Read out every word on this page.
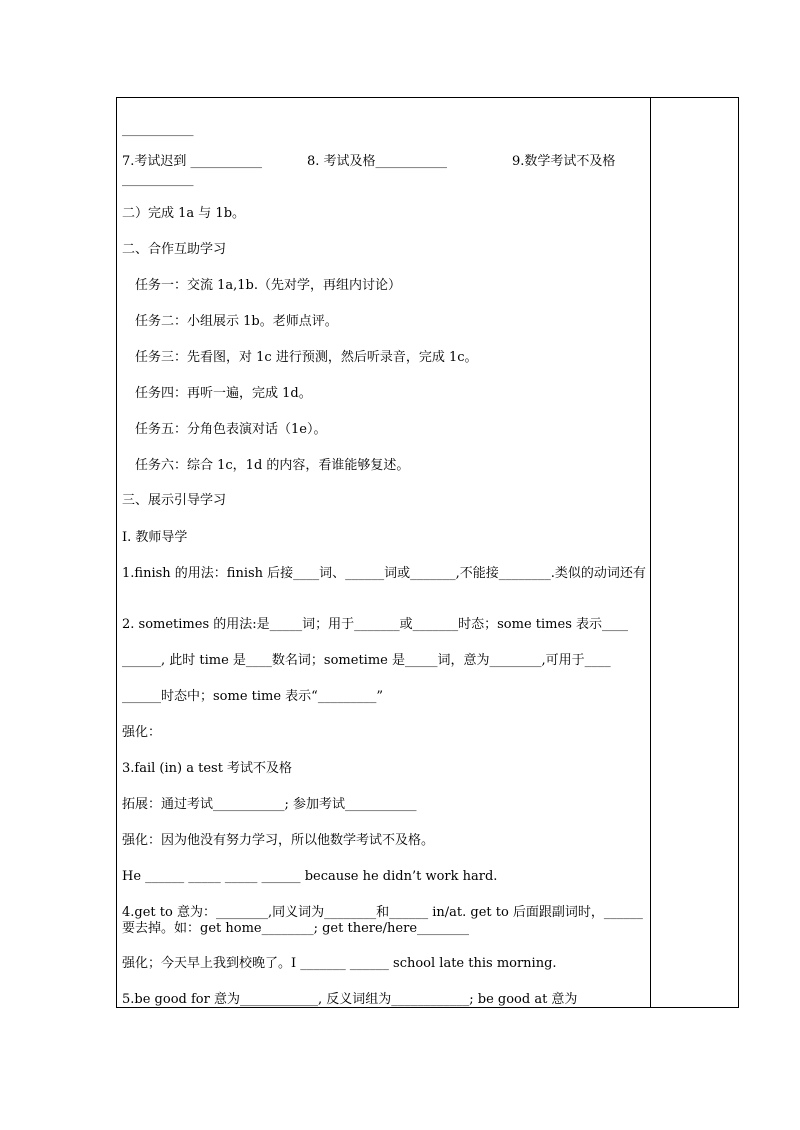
___________
7.考试迟到 ___________	8. 考试及格___________	9.数学考试不及格
___________
二）完成 1a 与 1b。
二、合作互助学习
任务一：交流 1a,1b.（先对学，再组内讨论）
任务二：小组展示 1b。老师点评。
任务三：先看图，对 1c 进行预测，然后听录音，完成 1c。
任务四：再听一遍，完成 1d。
任务五：分角色表演对话（1e）。
任务六：综合 1c，1d 的内容，看谁能够复述。
三、展示引导学习
I. 教师导学
1.finish 的用法：finish 后接____词、______词或_______,不能接________.类似的动词还有
2. sometimes 的用法:是_____词；用于_______或_______时态；some times 表示____
______, 此时 time 是____数名词；sometime 是_____词，意为________,可用于____
______时态中；some time 表示“_________”
强化：
3.fail (in) a test 考试不及格
拓展：通过考试___________; 参加考试___________
强化：因为他没有努力学习，所以他数学考试不及格。
He ______ _____ _____ ______ because he didn’t work hard.
4.get to 意为：________,同义词为________和______ in/at. get to 后面跟副词时，______要去掉。如：get home________; get there/here________
强化；今天早上我到校晚了。I _______ ______ school late this morning.
5.be good for 意为____________, 反义词组为____________; be good at 意为
